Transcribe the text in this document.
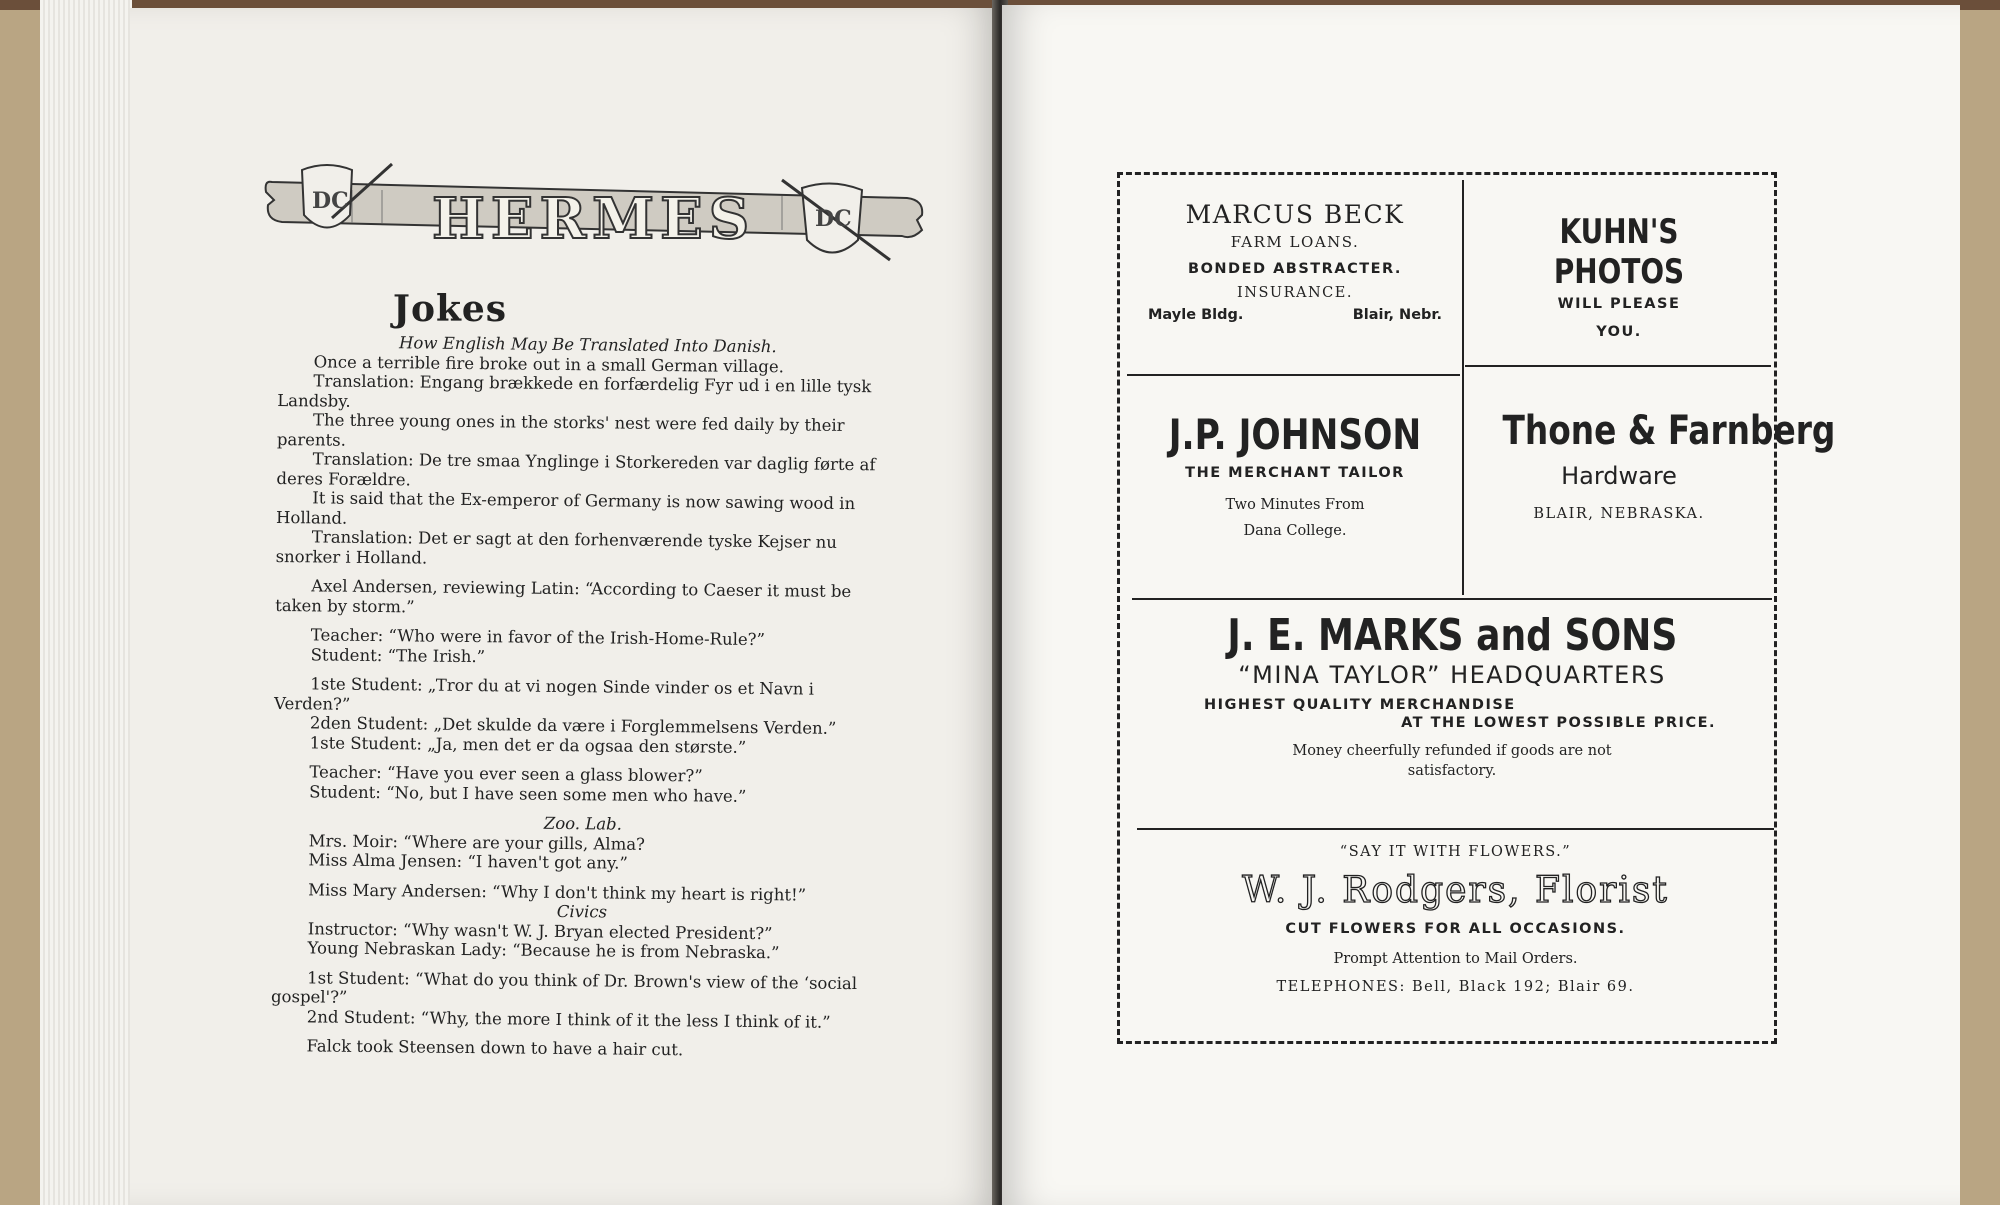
HERMES
DC
DC
Jokes

How English May Be Translated Into Danish.

Once a terrible fire broke out in a small German village.

Translation: Engang brækkede en forfærdelig Fyr ud i en lille tysk Landsby.

The three young ones in the storks' nest were fed daily by their parents.

Translation: De tre smaa Ynglinge i Storkereden var daglig førte af deres Forældre.

It is said that the Ex-emperor of Germany is now sawing wood in Holland.

Translation: Det er sagt at den forhenværende tyske Kejser nu snorker i Holland.

Axel Andersen, reviewing Latin: “According to Caeser it must be taken by storm.”

Teacher: “Who were in favor of the Irish-Home-Rule?”

Student: “The Irish.”

1ste Student: „Tror du at vi nogen Sinde vinder os et Navn i Verden?”

2den Student: „Det skulde da være i Forglemmelsens Verden.”

1ste Student: „Ja, men det er da ogsaa den største.”

Teacher: “Have you ever seen a glass blower?”

Student: “No, but I have seen some men who have.”

Zoo. Lab.

Mrs. Moir: “Where are your gills, Alma?

Miss Alma Jensen: “I haven't got any.”

Miss Mary Andersen: “Why I don't think my heart is right!”

Civics

Instructor: “Why wasn't W. J. Bryan elected President?”

Young Nebraskan Lady: “Because he is from Nebraska.”

1st Student: “What do you think of Dr. Brown's view of the ‘social gospel'?”

2nd Student: “Why, the more I think of it the less I think of it.”

Falck took Steensen down to have a hair cut.

MARCUS BECK

FARM LOANS.

BONDED ABSTRACTER.

INSURANCE.

Mayle Bldg.	Blair, Nebr.
KUHN'S PHOTOS

WILL PLEASE

YOU.

J.P. JOHNSON

THE MERCHANT TAILOR

Two Minutes From

Dana College.

Thone & Farnberg

Hardware

BLAIR, NEBRASKA.

J. E. MARKS and SONS

“MINA TAYLOR” HEADQUARTERS

HIGHEST QUALITY MERCHANDISE

AT THE LOWEST POSSIBLE PRICE.

Money cheerfully refunded if goods are not

satisfactory.

“SAY IT WITH FLOWERS.”

W. J. Rodgers, Florist

CUT FLOWERS FOR ALL OCCASIONS.

Prompt Attention to Mail Orders.

TELEPHONES: Bell, Black 192; Blair 69.
